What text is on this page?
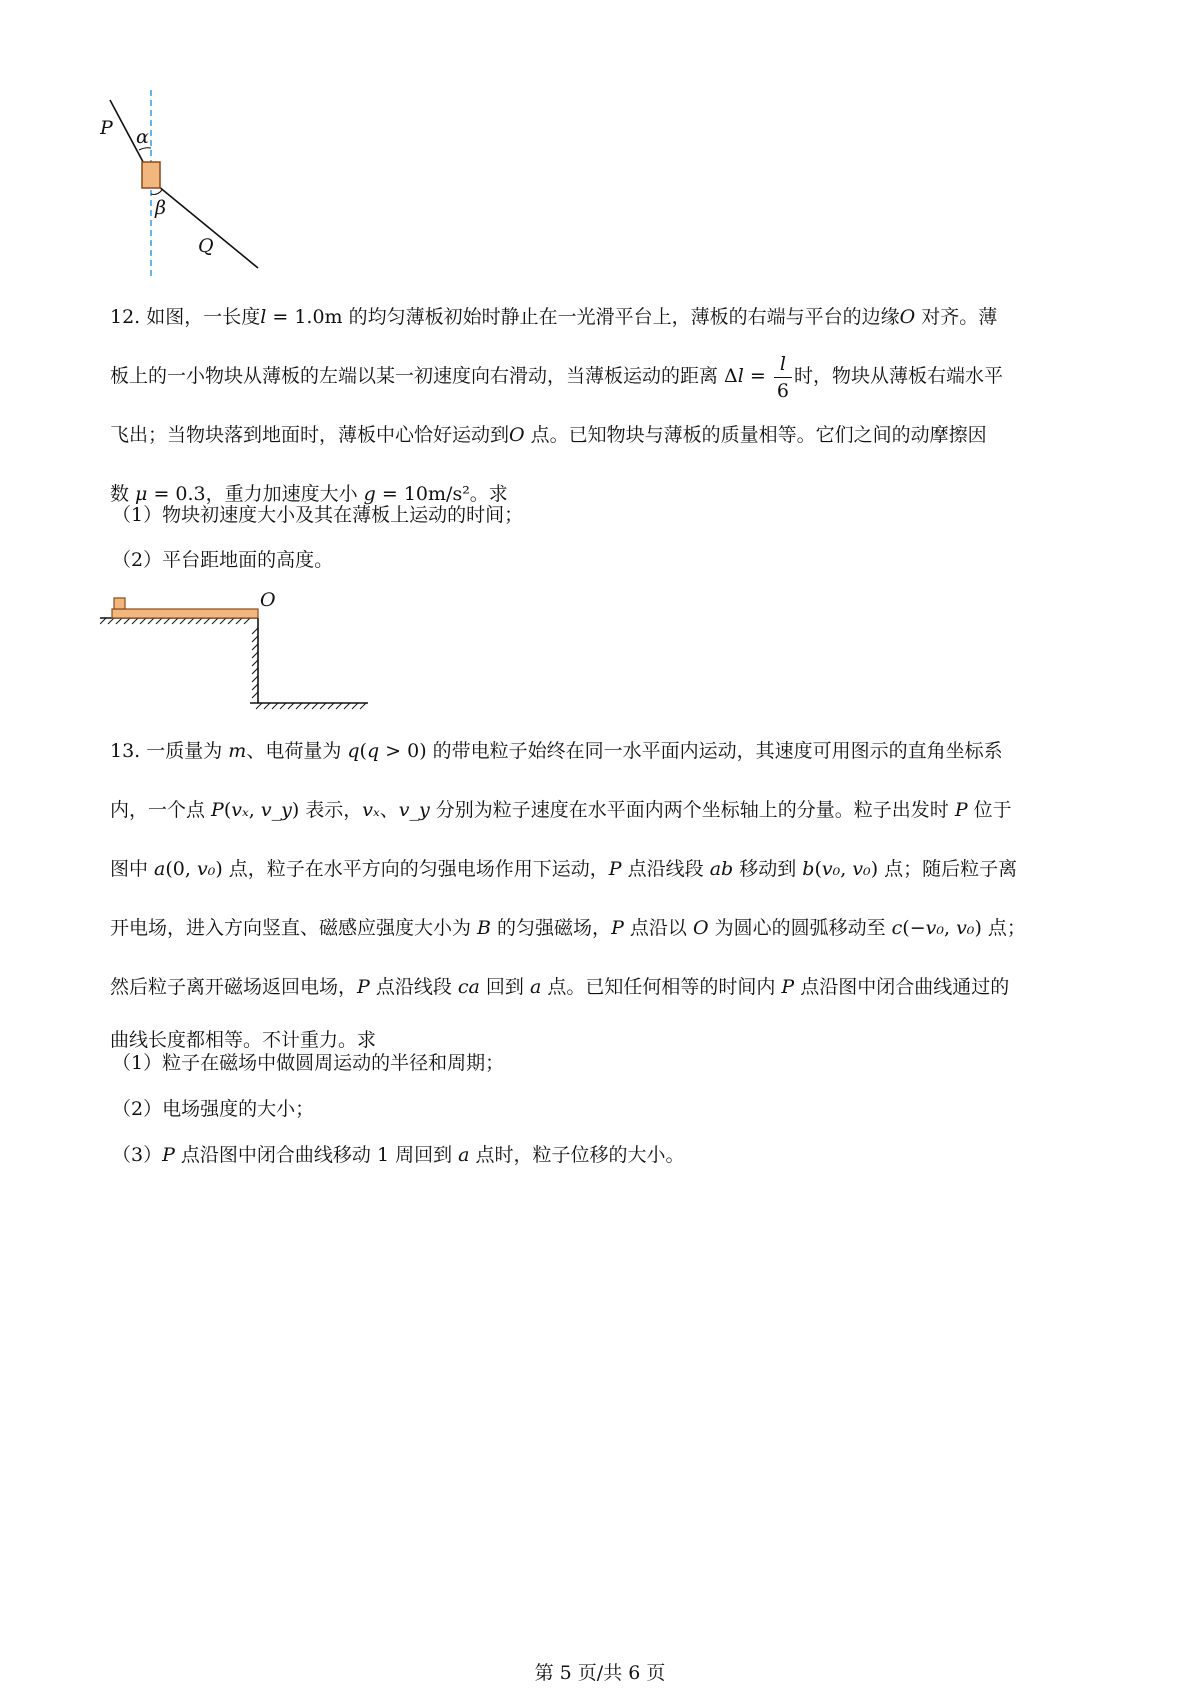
P α
β
Q

12. 如图，一长度l = 1.0m 的均匀薄板初始时静止在一光滑平台上，薄板的右端与平台的边缘O 对齐。薄

板上的一小物块从薄板的左端以某一初速度向右滑动，当薄板运动的距离 $\Delta l = \frac{l}{6}$ 时，物块从薄板右端水平

飞出；当物块落到地面时，薄板中心恰好运动到O 点。已知物块与薄板的质量相等。它们之间的动摩擦因

数 μ = 0.3，重力加速度大小 g = 10m/s²。求

（1）物块初速度大小及其在薄板上运动的时间；
（2）平台距地面的高度。
O

13. 一质量为 m、电荷量为 q(q > 0) 的带电粒子始终在同一水平面内运动，其速度可用图示的直角坐标系

内，一个点 P(vₓ, v_y) 表示，vₓ、v_y 分别为粒子速度在水平面内两个坐标轴上的分量。粒子出发时 P 位于

图中 a(0, v₀) 点，粒子在水平方向的匀强电场作用下运动，P 点沿线段 ab 移动到 b(v₀, v₀) 点；随后粒子离

开电场，进入方向竖直、磁感应强度大小为 B 的匀强磁场，P 点沿以 O 为圆心的圆弧移动至 c(−v₀, v₀) 点；

然后粒子离开磁场返回电场，P 点沿线段 ca 回到 a 点。已知任何相等的时间内 P 点沿图中闭合曲线通过的

曲线长度都相等。不计重力。求

（1）粒子在磁场中做圆周运动的半径和周期；
（2）电场强度的大小；
（3）P 点沿图中闭合曲线移动 1 周回到 a 点时，粒子位移的大小。
第 5 页/共 6 页
